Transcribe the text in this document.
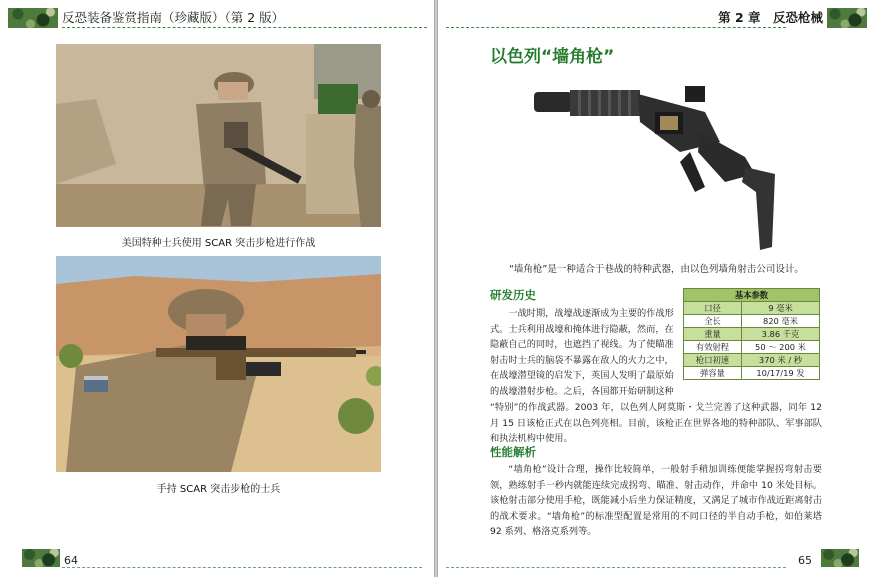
反恐装备鉴赏指南（珍藏版）（第 2 版）
美国特种士兵使用 SCAR 突击步枪进行作战
手持 SCAR 突击步枪的士兵
64
第 2 章　反恐枪械
以色列“墙角枪”
“墙角枪”是一种适合于巷战的特种武器，由以色列墙角射击公司设计。
研发历史
一战时期，战壕战逐渐成为主要的作战形
式。士兵利用战壕和掩体进行隐蔽，然而，在
隐蔽自己的同时，也遮挡了视线。为了使瞄准
射击时士兵的脑袋不暴露在敌人的火力之中，
在战壕潜望镜的启发下，英国人发明了最原始
的战壕潜射步枪。之后，各国都开始研制这种
“特别”的作战武器。2003 年，以色列人阿莫斯・戈兰完善了这种武器，同年 12 月 15 日该枪正式在以色列亮相。目前，该枪正在世界各地的特种部队、军事部队和执法机构中使用。
基本参数	
口径	9 毫米
全长	820 毫米
重量	3.86 千克
有效射程	50 ～ 200 米
枪口初速	370 米 / 秒
弹容量	10/17/19 发
性能解析
“墙角枪”设计合理，操作比较简单，一般射手稍加训练便能掌握拐弯射击要领，熟练射手一秒内就能连续完成拐弯、瞄准、射击动作，并命中 10 米处目标。该枪射击部分使用手枪，既能减小后坐力保证精度，又满足了城市作战近距离射击的战术要求。“墙角枪”的标准型配置是常用的不同口径的半自动手枪，如伯莱塔 92 系列、格洛克系列等。
65
